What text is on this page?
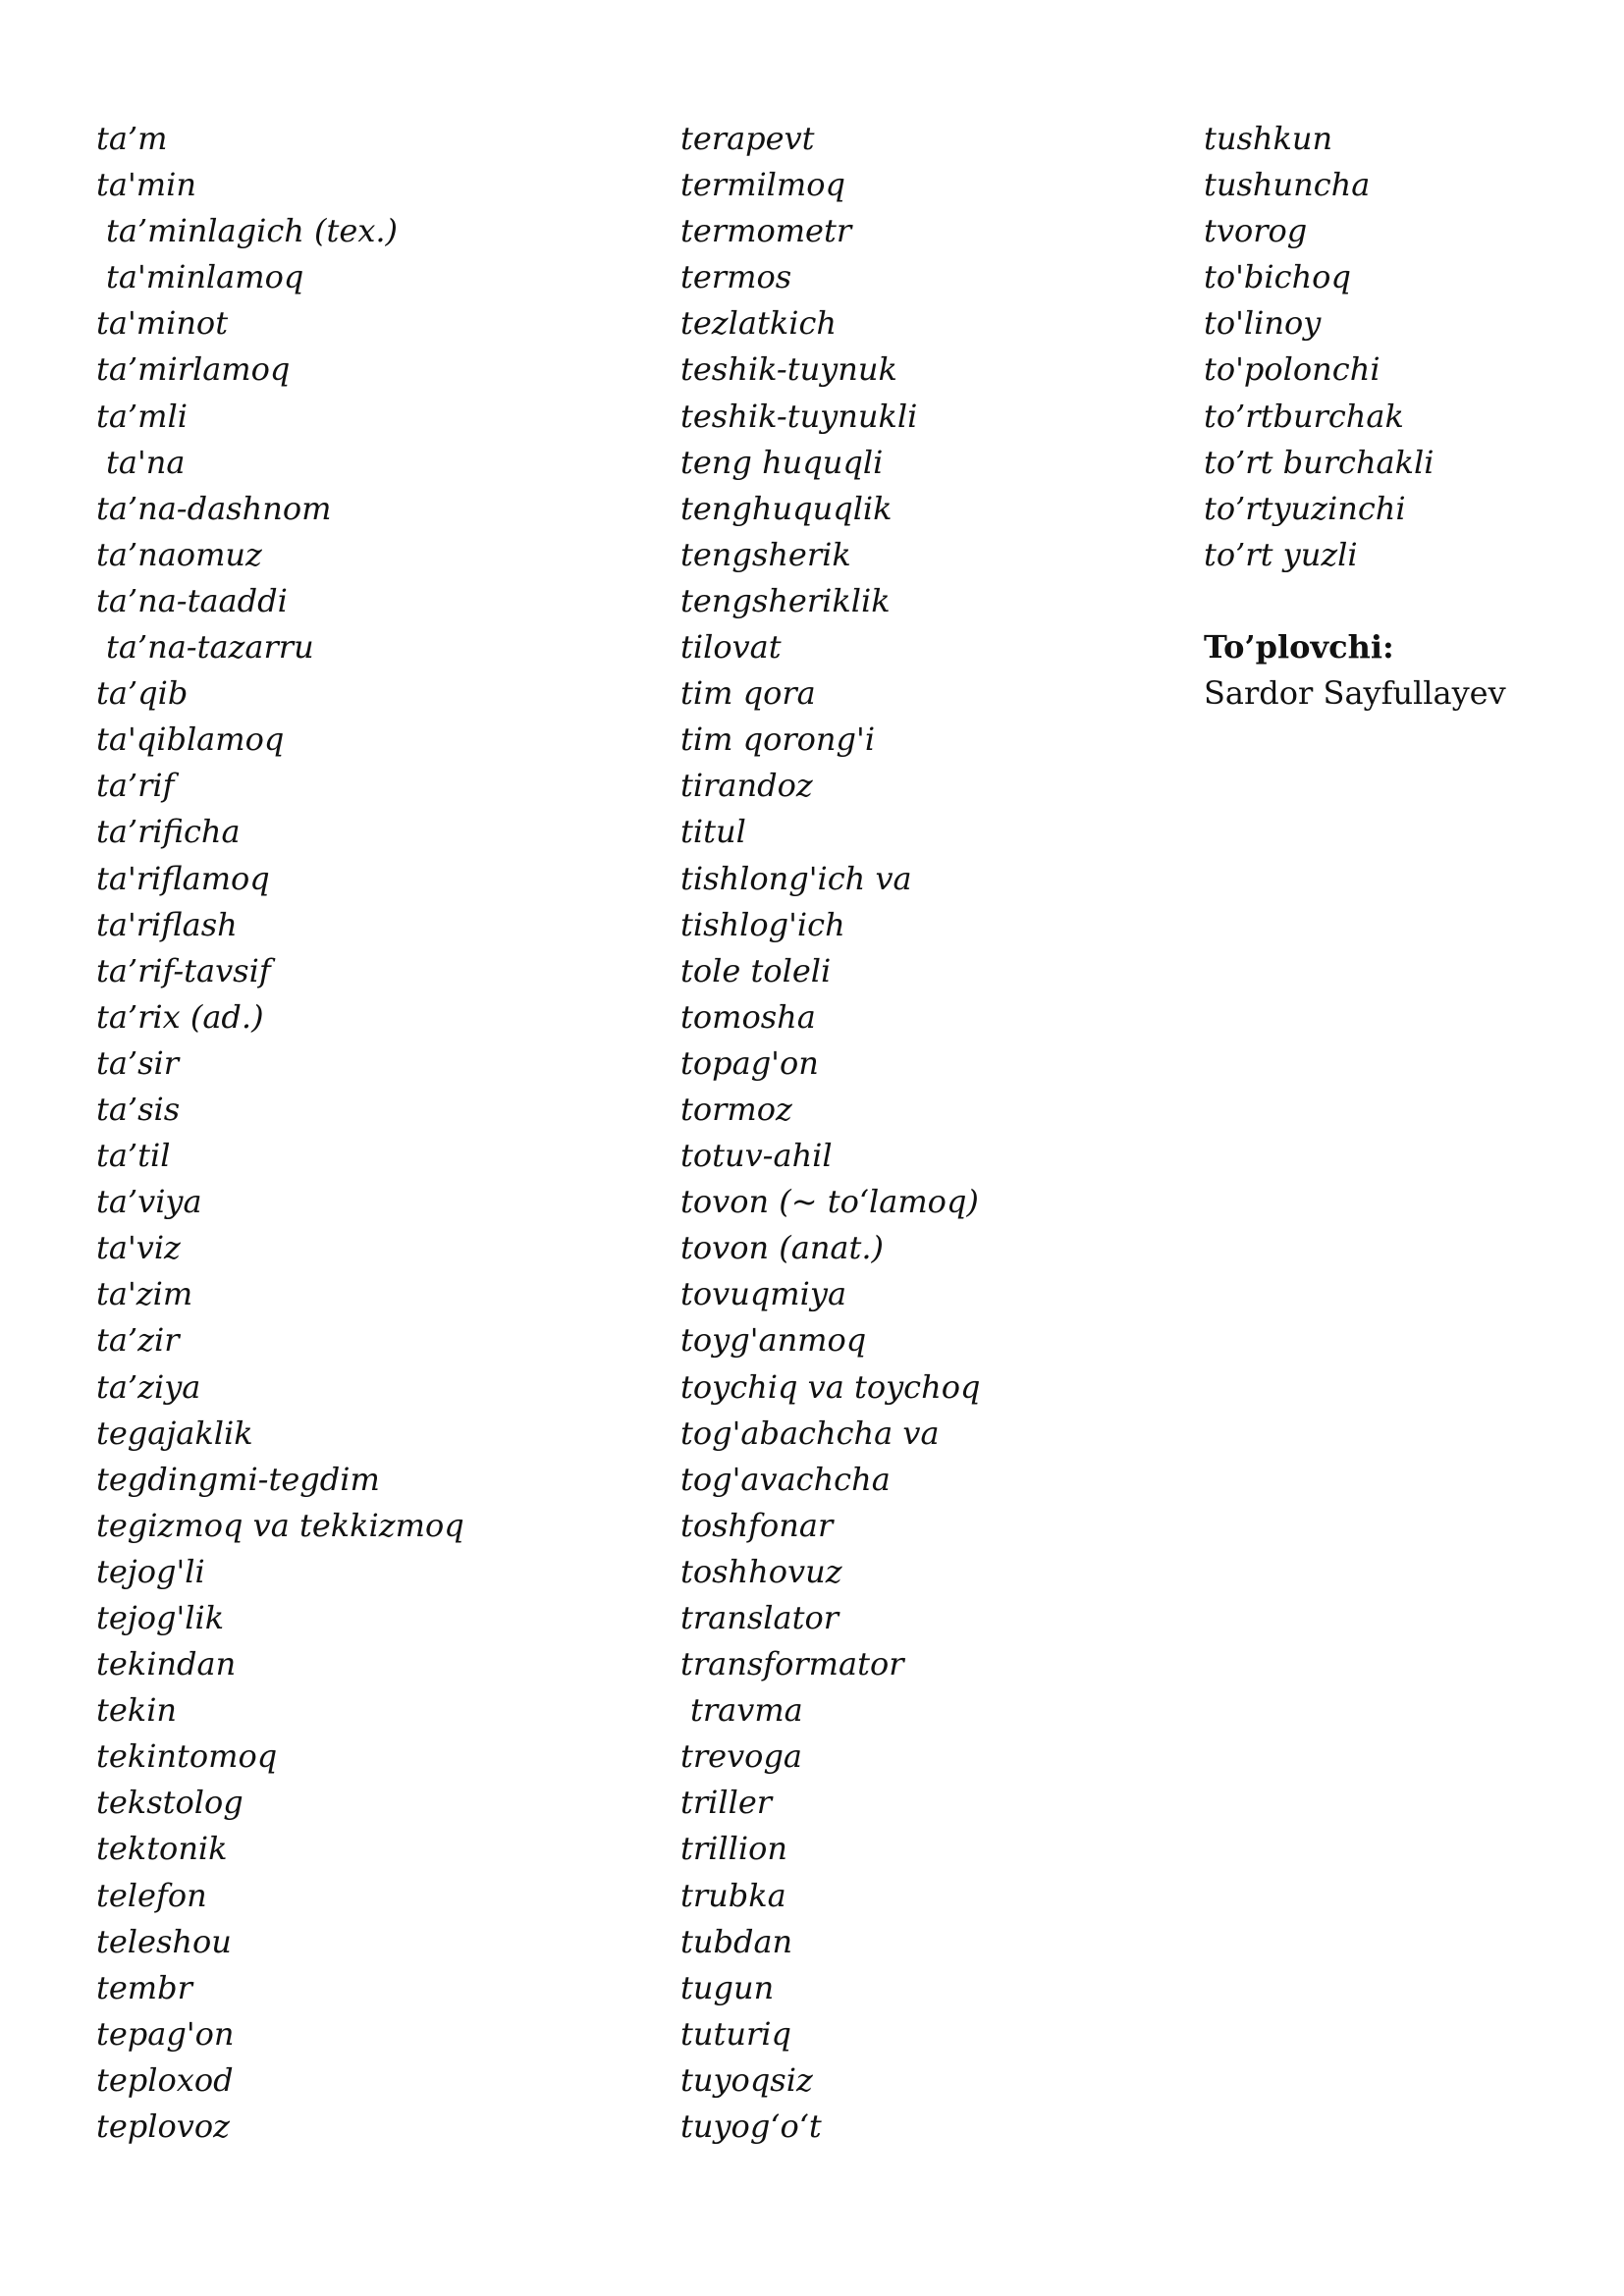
ta’m
ta'min
ta’minlagich (tex.)
ta'minlamoq
ta'minot
ta’mirlamoq
ta’mli
ta'na
ta’na-dashnom
ta’naomuz
ta’na-taaddi
ta’na-tazarru
ta’qib
ta'qiblamoq
ta’rif
ta’rificha
ta'riflamoq
ta'riflash
ta’rif-tavsif
ta’rix (ad.)
ta’sir
ta’sis
ta’til
ta’viya
ta'viz
ta'zim
ta’zir
ta’ziya
tegajaklik
tegdingmi-tegdim
tegizmoq va tekkizmoq
tejog'li
tejog'lik
tekindan
tekin
tekintomoq
tekstolog
tektonik
telefon
teleshou
tembr
tepag'on
teploxod
teplovoz
terapevt
termilmoq
termometr
termos
tezlatkich
teshik-tuynuk
teshik-tuynukli
teng huquqli
tenghuquqlik
tengsherik
tengsheriklik
tilovat
tim qora
tim qorong'i
tirandoz
titul
tishlong'ich va
tishlog'ich
tole toleli
tomosha
topag'on
tormoz
totuv-ahil
tovon (~ toʻlamoq)
tovon (anat.)
tovuqmiya
toyg'anmoq
toychiq va toychoq
tog'abachcha va
tog'avachcha
toshfonar
toshhovuz
translator
transformator
travma
trevoga
triller
trillion
trubka
tubdan
tugun
tuturiq
tuyoqsiz
tuyogʻoʻt
tushkun
tushuncha
tvorog
to'bichoq
to'linoy
to'polonchi
to’rtburchak
to’rt burchakli
to’rtyuzinchi
to’rt yuzli
To’plovchi:
Sardor Sayfullayev
